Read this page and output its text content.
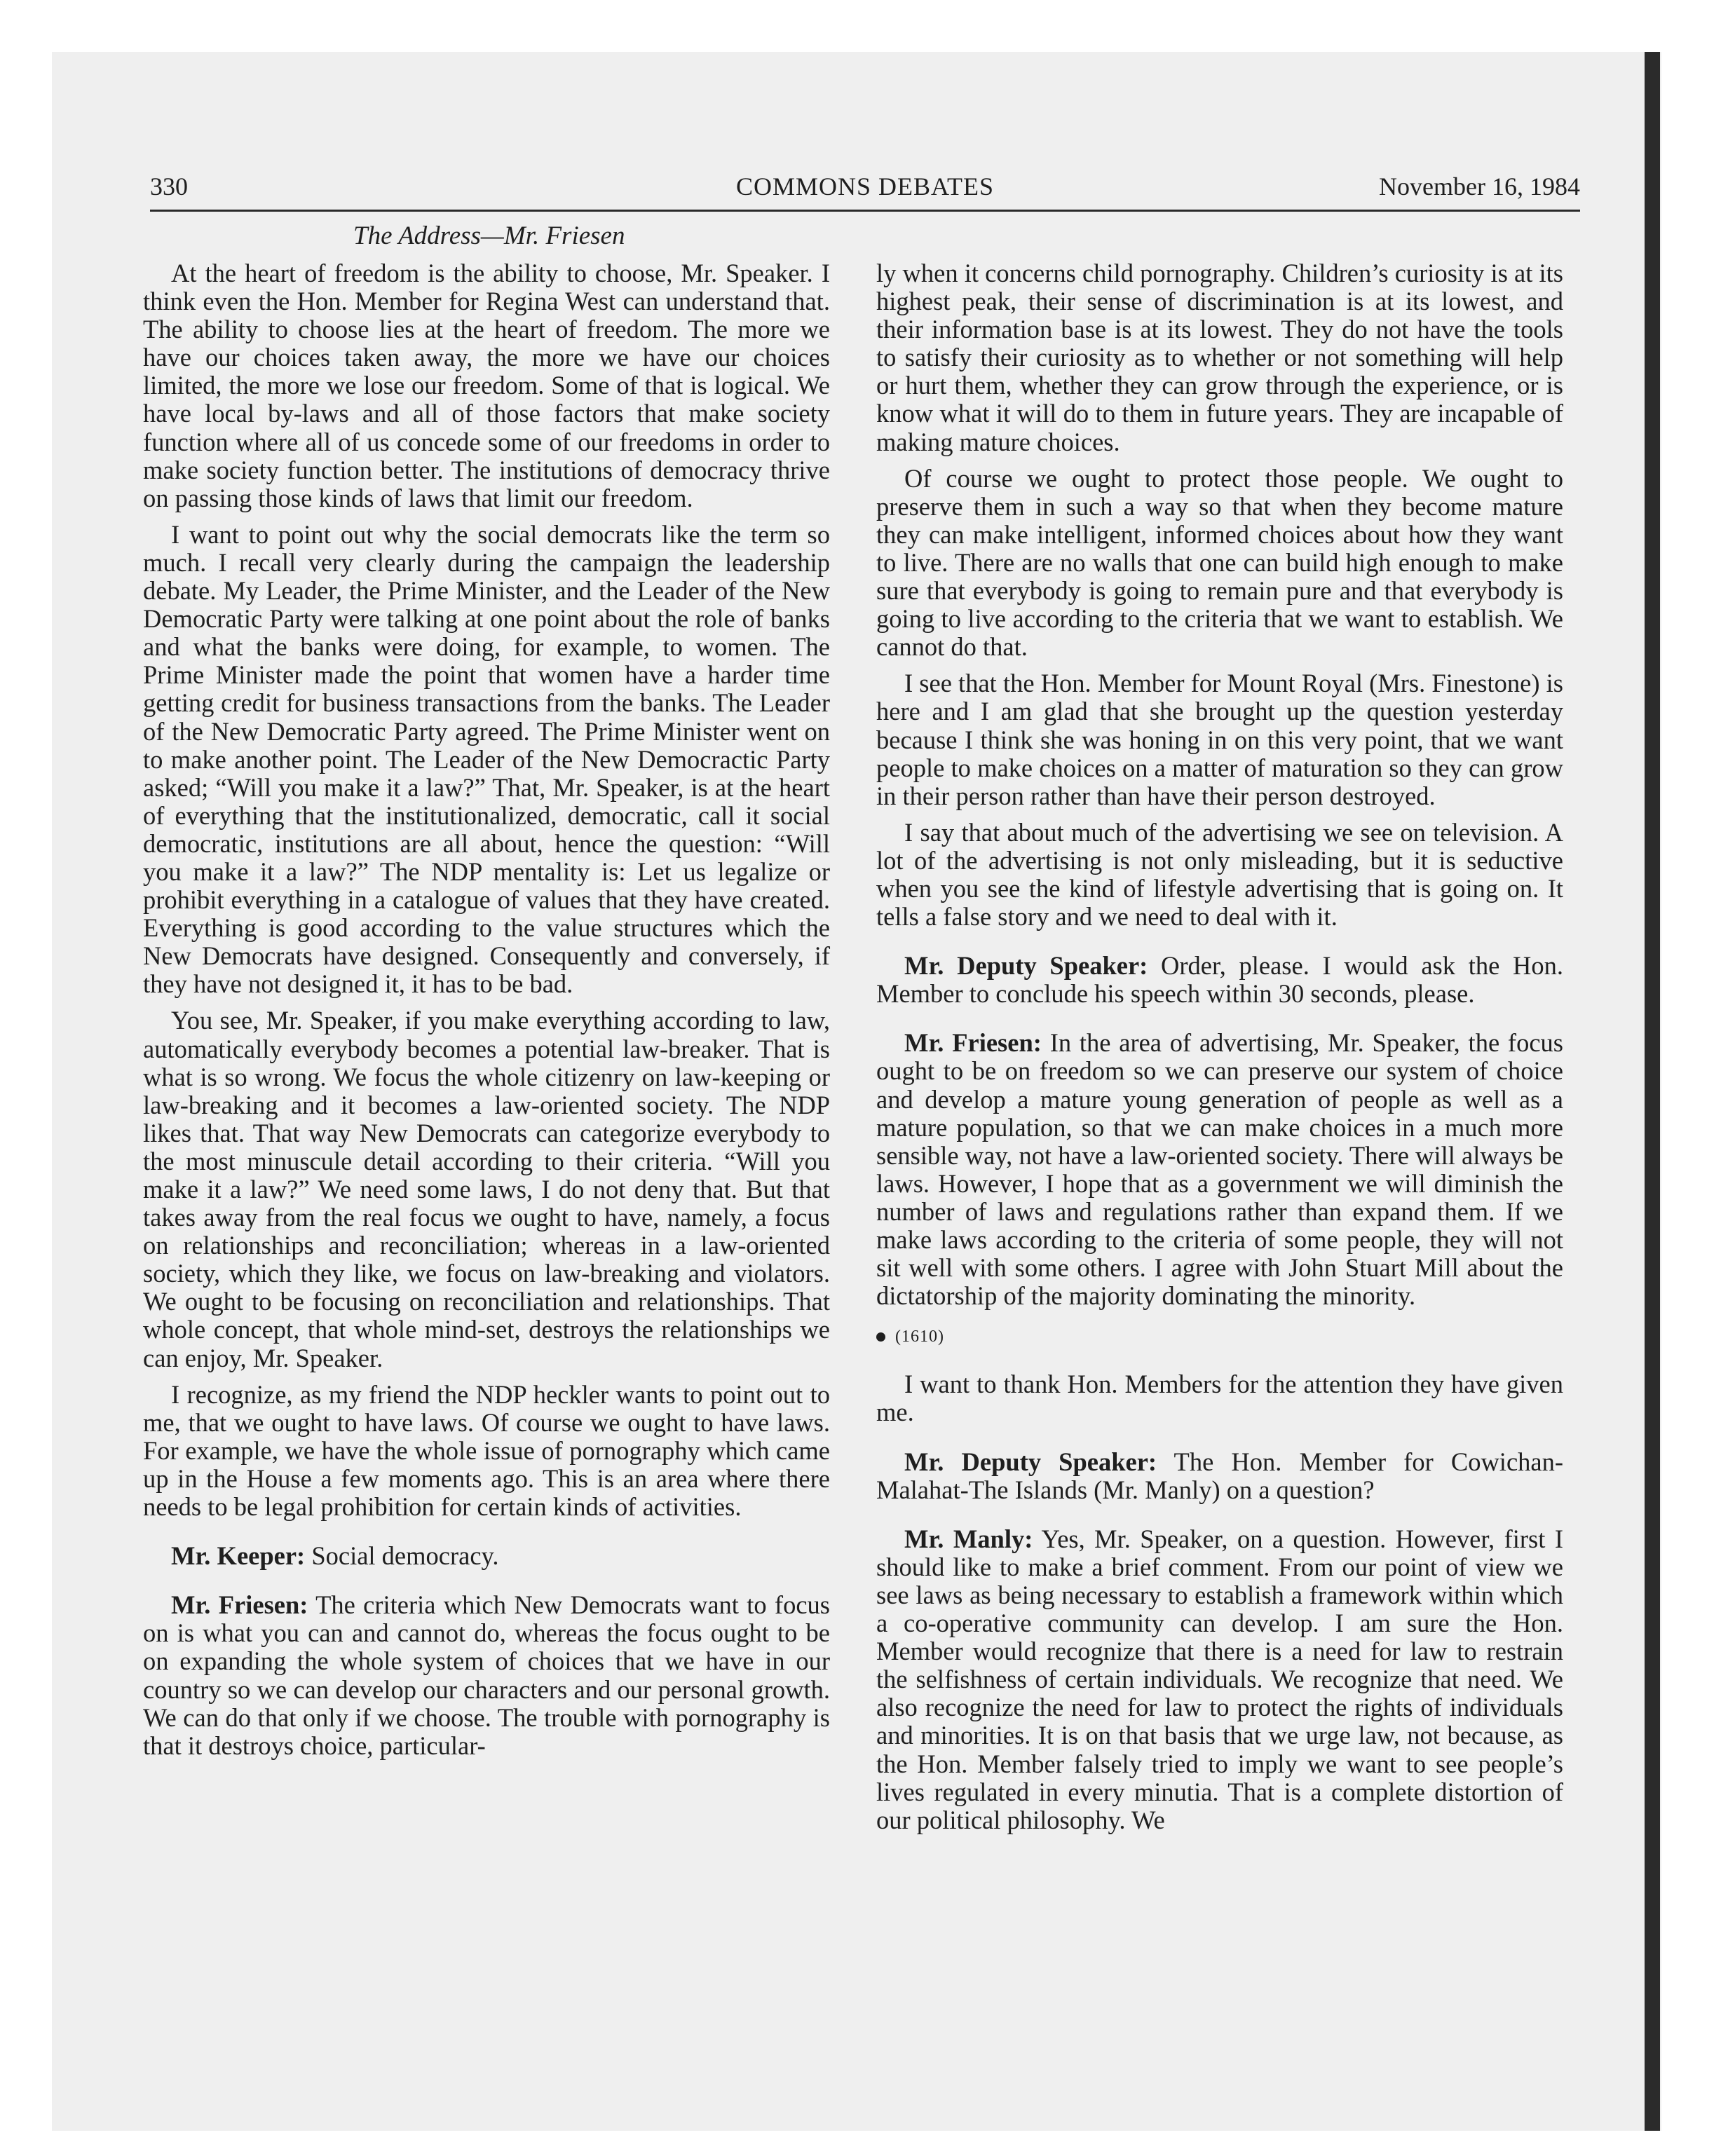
330	COMMONS DEBATES	November 16, 1984
The Address—Mr. Friesen

At the heart of freedom is the ability to choose, Mr. Speaker. I think even the Hon. Member for Regina West can understand that. The ability to choose lies at the heart of freedom. The more we have our choices taken away, the more we have our choices limited, the more we lose our freedom. Some of that is logical. We have local by-laws and all of those factors that make society function where all of us concede some of our freedoms in order to make society function better. The institutions of democracy thrive on passing those kinds of laws that limit our freedom.

I want to point out why the social democrats like the term so much. I recall very clearly during the campaign the leadership debate. My Leader, the Prime Minister, and the Leader of the New Democratic Party were talking at one point about the role of banks and what the banks were doing, for example, to women. The Prime Minister made the point that women have a harder time getting credit for business transactions from the banks. The Leader of the New Democratic Party agreed. The Prime Minister went on to make another point. The Leader of the New Democractic Party asked; “Will you make it a law?” That, Mr. Speaker, is at the heart of everything that the institutionalized, democratic, call it social democratic, institutions are all about, hence the question: “Will you make it a law?” The NDP mentality is: Let us legalize or prohibit everything in a catalogue of values that they have created. Everything is good according to the value structures which the New Democrats have designed. Consequently and conversely, if they have not designed it, it has to be bad.

You see, Mr. Speaker, if you make everything according to law, automatically everybody becomes a potential law-breaker. That is what is so wrong. We focus the whole citizenry on law-keeping or law-breaking and it becomes a law-oriented society. The NDP likes that. That way New Democrats can categorize everybody to the most minuscule detail according to their criteria. “Will you make it a law?” We need some laws, I do not deny that. But that takes away from the real focus we ought to have, namely, a focus on relationships and reconciliation; whereas in a law-oriented society, which they like, we focus on law-breaking and violators. We ought to be focusing on reconciliation and relationships. That whole concept, that whole mind-set, destroys the relationships we can enjoy, Mr. Speaker.

I recognize, as my friend the NDP heckler wants to point out to me, that we ought to have laws. Of course we ought to have laws. For example, we have the whole issue of pornography which came up in the House a few moments ago. This is an area where there needs to be legal prohibition for certain kinds of activities.

Mr. Keeper: Social democracy.

Mr. Friesen: The criteria which New Democrats want to focus on is what you can and cannot do, whereas the focus ought to be on expanding the whole system of choices that we have in our country so we can develop our characters and our personal growth. We can do that only if we choose. The trouble with pornography is that it destroys choice, particular-

ly when it concerns child pornography. Children’s curiosity is at its highest peak, their sense of discrimination is at its lowest, and their information base is at its lowest. They do not have the tools to satisfy their curiosity as to whether or not something will help or hurt them, whether they can grow through the experience, or is know what it will do to them in future years. They are incapable of making mature choices.

Of course we ought to protect those people. We ought to preserve them in such a way so that when they become mature they can make intelligent, informed choices about how they want to live. There are no walls that one can build high enough to make sure that everybody is going to remain pure and that everybody is going to live according to the criteria that we want to establish. We cannot do that.

I see that the Hon. Member for Mount Royal (Mrs. Finestone) is here and I am glad that she brought up the question yesterday because I think she was honing in on this very point, that we want people to make choices on a matter of maturation so they can grow in their person rather than have their person destroyed.

I say that about much of the advertising we see on television. A lot of the advertising is not only misleading, but it is seductive when you see the kind of lifestyle advertising that is going on. It tells a false story and we need to deal with it.

Mr. Deputy Speaker: Order, please. I would ask the Hon. Member to conclude his speech within 30 seconds, please.

Mr. Friesen: In the area of advertising, Mr. Speaker, the focus ought to be on freedom so we can preserve our system of choice and develop a mature young generation of people as well as a mature population, so that we can make choices in a much more sensible way, not have a law-oriented society. There will always be laws. However, I hope that as a government we will diminish the number of laws and regulations rather than expand them. If we make laws according to the criteria of some people, they will not sit well with some others. I agree with John Stuart Mill about the dictatorship of the majority dominating the minority.

(1610)

I want to thank Hon. Members for the attention they have given me.

Mr. Deputy Speaker: The Hon. Member for Cowichan-Malahat-The Islands (Mr. Manly) on a question?

Mr. Manly: Yes, Mr. Speaker, on a question. However, first I should like to make a brief comment. From our point of view we see laws as being necessary to establish a framework within which a co-operative community can develop. I am sure the Hon. Member would recognize that there is a need for law to restrain the selfishness of certain individuals. We recognize that need. We also recognize the need for law to protect the rights of individuals and minorities. It is on that basis that we urge law, not because, as the Hon. Member falsely tried to imply we want to see people’s lives regulated in every minutia. That is a complete distortion of our political philosophy. We
